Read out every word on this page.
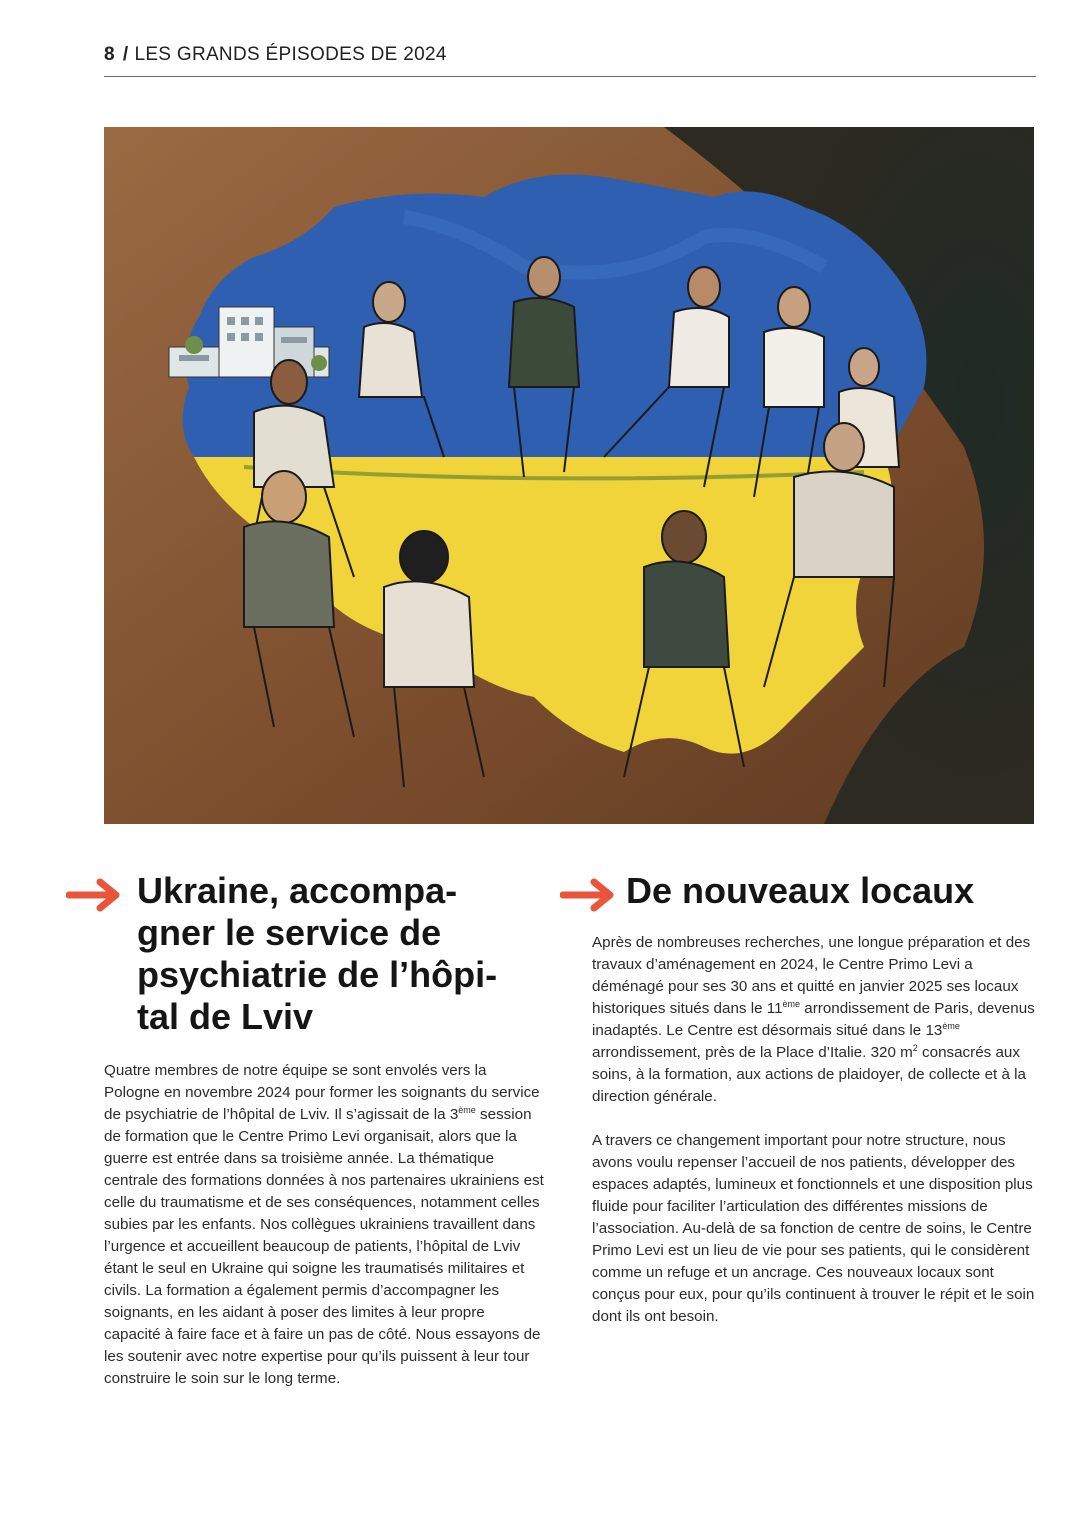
8 / LES GRANDS ÉPISODES DE 2024
Ukraine, accompa-
gner le service de
psychiatrie de l’hôpi-
tal de Lviv

Quatre membres de notre équipe se sont envolés vers la Pologne en novembre 2024 pour former les soignants du service de psychiatrie de l’hôpital de Lviv. Il s’agissait de la 3ème session de formation que le Centre Primo Levi organisait, alors que la guerre est entrée dans sa troisième année. La thématique centrale des formations données à nos partenaires ukrainiens est celle du traumatisme et de ses conséquences, notamment celles subies par les enfants. Nos collègues ukrainiens travaillent dans l’urgence et accueillent beaucoup de patients, l’hôpital de Lviv étant le seul en Ukraine qui soigne les traumatisés militaires et civils. La formation a également permis d’accompagner les soignants, en les aidant à poser des limites à leur propre capacité à faire face et à faire un pas de côté. Nous essayons de les soutenir avec notre expertise pour qu’ils puissent à leur tour construire le soin sur le long terme.

De nouveaux locaux

Après de nombreuses recherches, une longue préparation et des travaux d’aménagement en 2024, le Centre Primo Levi a déménagé pour ses 30 ans et quitté en janvier 2025 ses locaux historiques situés dans le 11ème arrondissement de Paris, devenus inadaptés. Le Centre est désormais situé dans le 13ème arrondissement, près de la Place d’Italie. 320 $m^2$ consacrés aux soins, à la formation, aux actions de plaidoyer, de collecte et à la direction générale.

A travers ce changement important pour notre structure, nous avons voulu repenser l’accueil de nos patients, développer des espaces adaptés, lumineux et fonctionnels et une disposition plus fluide pour faciliter l’articulation des différentes missions de l’association. Au-delà de sa fonction de centre de soins, le Centre Primo Levi est un lieu de vie pour ses patients, qui le considèrent comme un refuge et un ancrage. Ces nouveaux locaux sont conçus pour eux, pour qu’ils continuent à trouver le répit et le soin dont ils ont besoin.
